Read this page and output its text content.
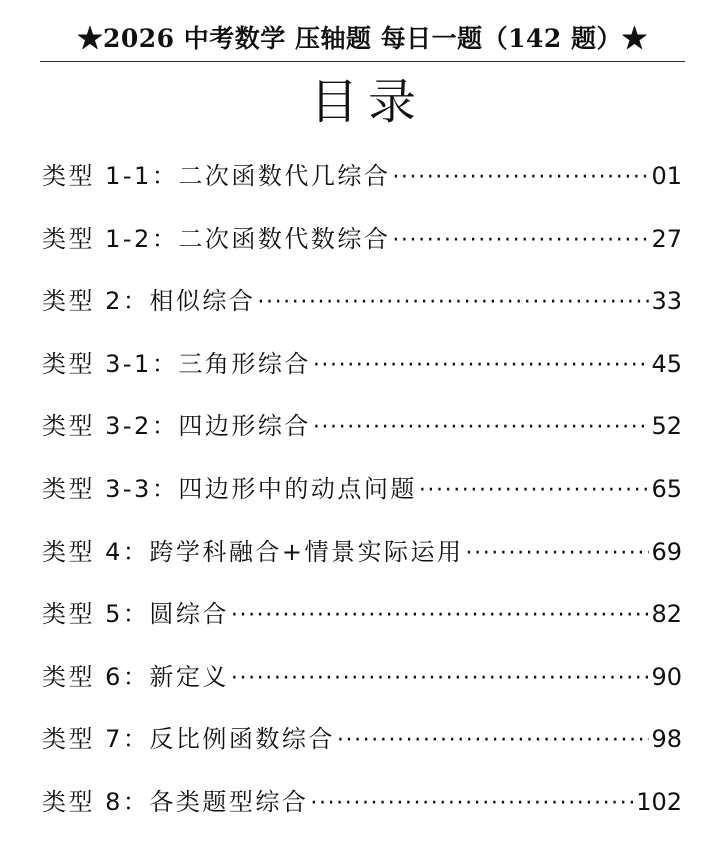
★2026 中考数学 压轴题 每日一题（142 题）★
目录
类型 1-1：二次函数代几综合 ·····	01
类型 1-2：二次函数代数综合 ·····	27
类型 2：相似综合 ·····	33
类型 3-1：三角形综合 ·····	45
类型 3-2：四边形综合 ·····	52
类型 3-3：四边形中的动点问题 ·····	65
类型 4：跨学科融合+情景实际运用 ·····	69
类型 5：圆综合 ·····	82
类型 6：新定义 ·····	90
类型 7：反比例函数综合 ·····	98
类型 8：各类题型综合 ·····	102
